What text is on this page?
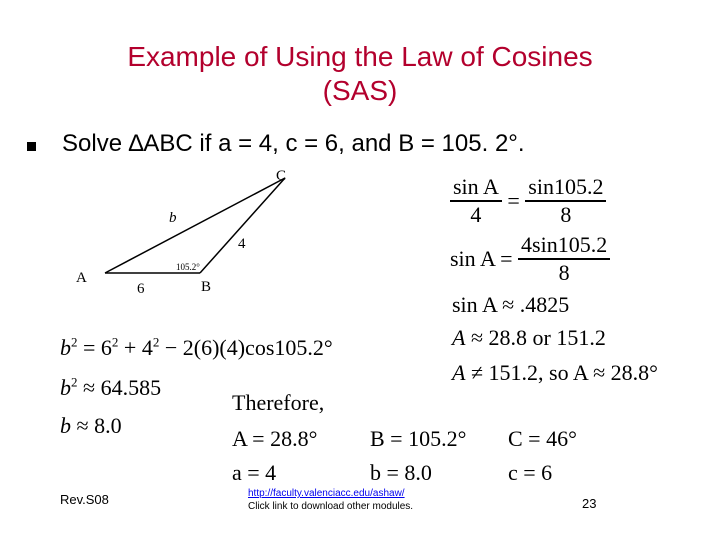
Example of Using the Law of Cosines
(SAS)
Solve ∆ABC if a = 4, c = 6, and B = 105. 2°.
C
b
4
105.2°
A
6	B
$\frac{\text{sin A}}{4} = \frac{\sin 105.2}{8}$
$\sin A = \frac{4\sin 105.2}{8}$
sin A ≈ .4825
A ≈ 28.8 or 151.2
A ≠ 151.2, so A ≈ 28.8°
$b^2 = 6^2 + 4^2 - 2(6)(4)\cos 105.2^\circ$
$b^2 \approx 64.585$
b ≈ 8.0
Therefore,
A = 28.8° B = 105.2° C = 46°
a = 4	b = 8.0	c = 6
Rev.S08	http://faculty.valenciacc.edu/ashaw/
Click link to download other modules.	23
